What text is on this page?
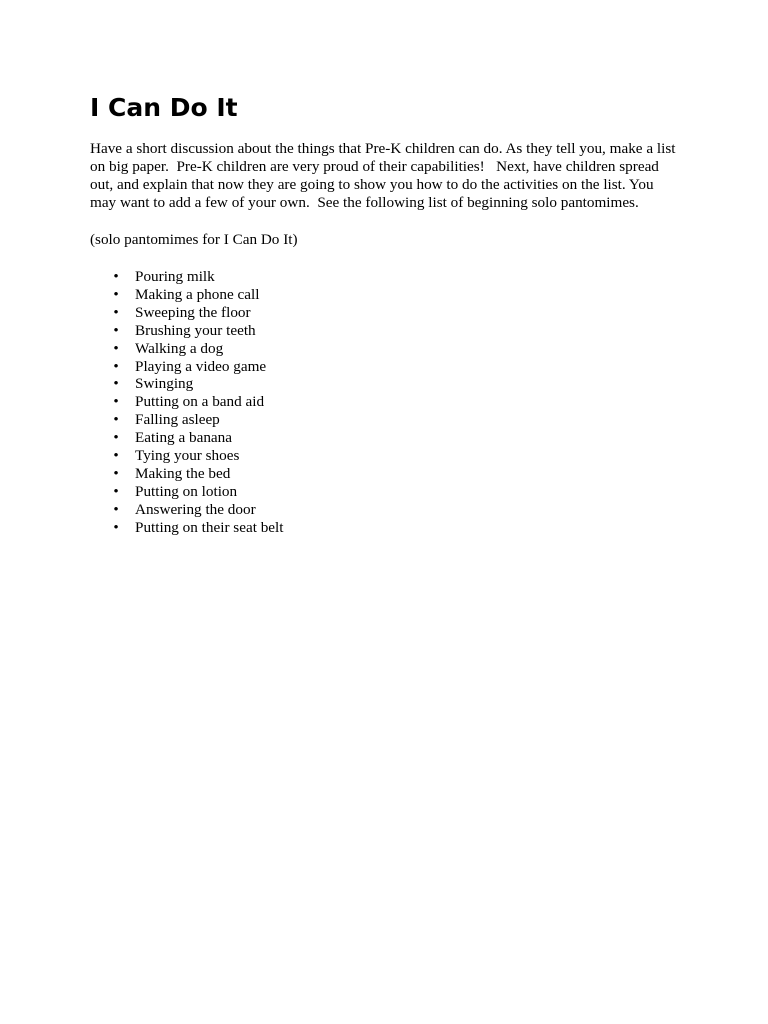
I Can Do It

Have a short discussion about the things that Pre-K children can do. As they tell you, make a list
on big paper.  Pre-K children are very proud of their capabilities!   Next, have children spread
out, and explain that now they are going to show you how to do the activities on the list. You
may want to add a few of your own.  See the following list of beginning solo pantomimes.

(solo pantomimes for I Can Do It)

• Pouring milk
• Making a phone call
• Sweeping the floor
• Brushing your teeth
• Walking a dog
• Playing a video game
• Swinging
• Putting on a band aid
• Falling asleep
• Eating a banana
• Tying your shoes
• Making the bed
• Putting on lotion
• Answering the door
• Putting on their seat belt
